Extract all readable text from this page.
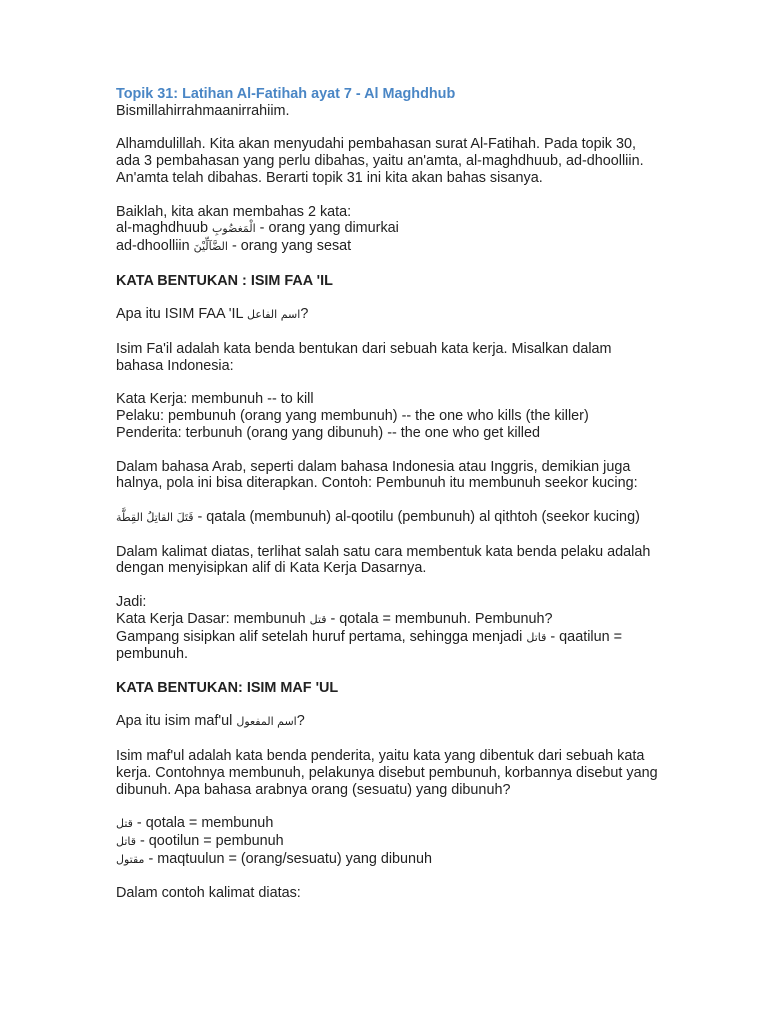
Topik 31: Latihan Al-Fatihah ayat 7 - Al Maghdhub
Bismillahirrahmaanirrahiim.
Alhamdulillah. Kita akan menyudahi pembahasan surat Al-Fatihah. Pada topik 30, ada 3 pembahasan yang perlu dibahas, yaitu an'amta, al-maghdhuub, ad-dhoolliin. An'amta telah dibahas. Berarti topik 31 ini kita akan bahas sisanya.
Baiklah, kita akan membahas 2 kata:
al-maghdhuub الْمَغضُوبِ - orang yang dimurkai
ad-dhoolliin الضَّآلِّيْنَ - orang yang sesat
KATA BENTUKAN : ISIM FAA 'IL
Apa itu ISIM FAA 'IL اسم الفاعل?
Isim Fa'il adalah kata benda bentukan dari sebuah kata kerja. Misalkan dalam bahasa Indonesia:
Kata Kerja: membunuh -- to kill
Pelaku: pembunuh (orang yang membunuh) -- the one who kills (the killer)
Penderita: terbunuh (orang yang dibunuh) -- the one who get killed
Dalam bahasa Arab, seperti dalam bahasa Indonesia atau Inggris, demikian juga halnya, pola ini bisa diterapkan. Contoh: Pembunuh itu membunuh seekor kucing:
قَتَلَ القاتِلُ القِطَّة - qatala (membunuh) al-qootilu (pembunuh) al qithtoh (seekor kucing)
Dalam kalimat diatas, terlihat salah satu cara membentuk kata benda pelaku adalah dengan menyisipkan alif di Kata Kerja Dasarnya.
Jadi:
Kata Kerja Dasar: membunuh قتل - qotala = membunuh. Pembunuh?
Gampang sisipkan alif setelah huruf pertama, sehingga menjadi قاتل - qaatilun = pembunuh.
KATA BENTUKAN: ISIM MAF 'UL
Apa itu isim maf'ul اسم المفعول?
Isim maf'ul adalah kata benda penderita, yaitu kata yang dibentuk dari sebuah kata kerja. Contohnya membunuh, pelakunya disebut pembunuh, korbannya disebut yang dibunuh. Apa bahasa arabnya orang (sesuatu) yang dibunuh?
قتل - qotala = membunuh
قاتل - qootilun = pembunuh
مقتول - maqtuulun = (orang/sesuatu) yang dibunuh
Dalam contoh kalimat diatas:
